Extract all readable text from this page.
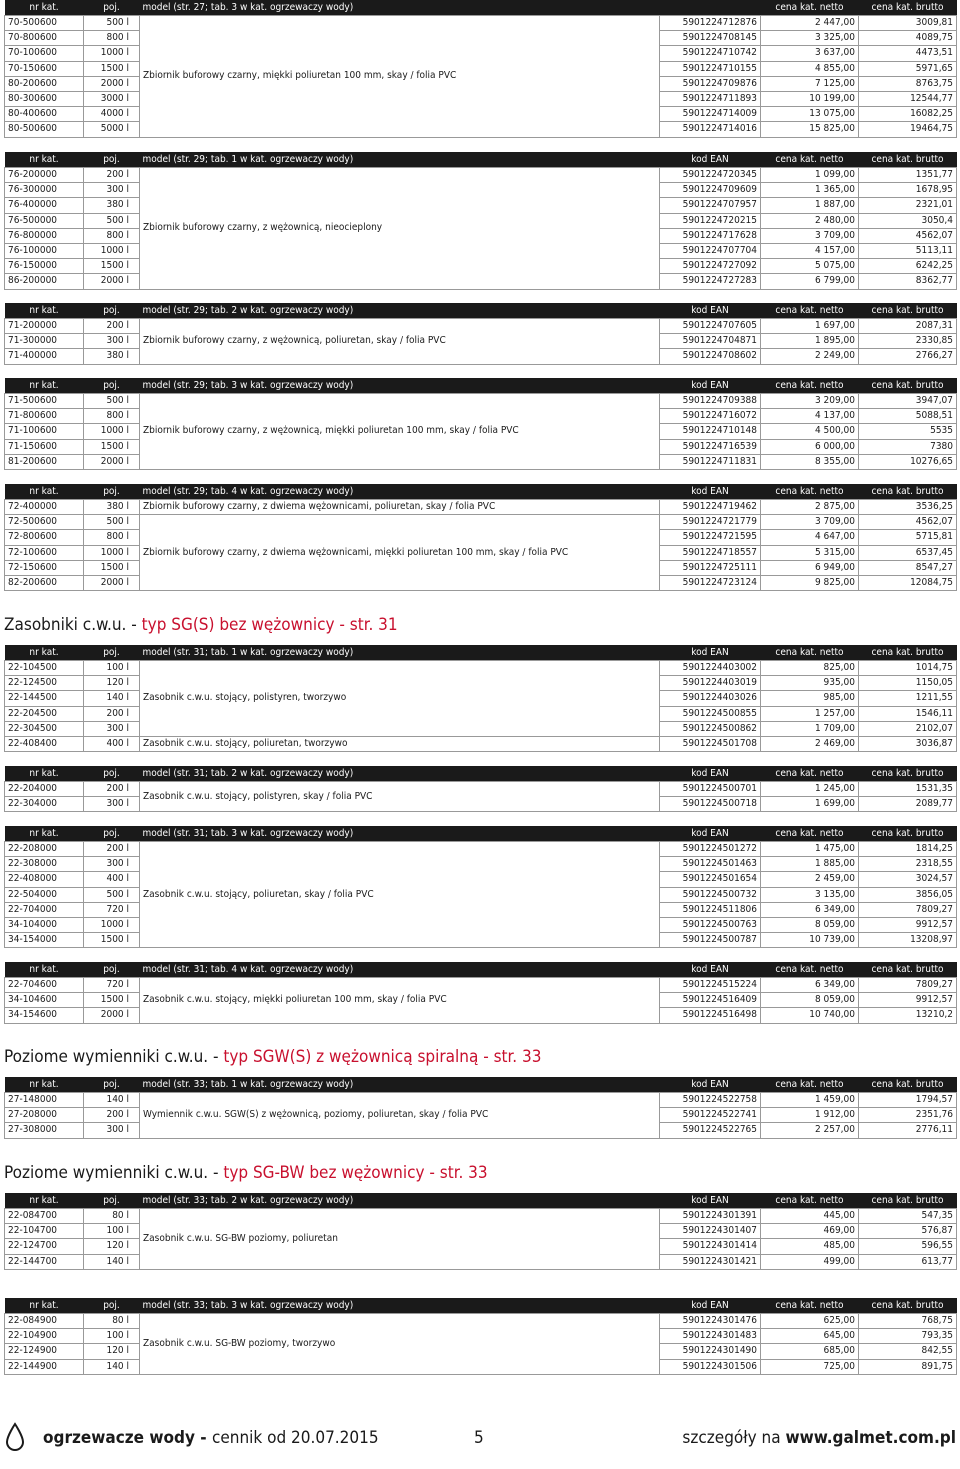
nr kat.	poj.	model (str. 27; tab. 3 w kat. ogrzewaczy wody)		cena kat. netto	cena kat. brutto
70-500600	500 l	Zbiornik buforowy czarny, miękki poliuretan 100 mm, skay / folia PVC	5901224712876	2 447,00	3009,81
70-800600	800 l		5901224708145	3 325,00	4089,75
70-100600	1000 l		5901224710742	3 637,00	4473,51
70-150600	1500 l		5901224710155	4 855,00	5971,65
80-200600	2000 l		5901224709876	7 125,00	8763,75
80-300600	3000 l		5901224711893	10 199,00	12544,77
80-400600	4000 l		5901224714009	13 075,00	16082,25
80-500600	5000 l		5901224714016	15 825,00	19464,75
nr kat.	poj.	model (str. 29; tab. 1 w kat. ogrzewaczy wody)	kod EAN	cena kat. netto	cena kat. brutto
76-200000	200 l	Zbiornik buforowy czarny, z wężownicą, nieocieplony	5901224720345	1 099,00	1351,77
76-300000	300 l		5901224709609	1 365,00	1678,95
76-400000	380 l		5901224707957	1 887,00	2321,01
76-500000	500 l		5901224720215	2 480,00	3050,4
76-800000	800 l		5901224717628	3 709,00	4562,07
76-100000	1000 l		5901224707704	4 157,00	5113,11
76-150000	1500 l		5901224727092	5 075,00	6242,25
86-200000	2000 l		5901224727283	6 799,00	8362,77
nr kat.	poj.	model (str. 29; tab. 2 w kat. ogrzewaczy wody)	kod EAN	cena kat. netto	cena kat. brutto
71-200000	200 l	Zbiornik buforowy czarny, z wężownicą, poliuretan, skay / folia PVC	5901224707605	1 697,00	2087,31
71-300000	300 l		5901224704871	1 895,00	2330,85
71-400000	380 l		5901224708602	2 249,00	2766,27
nr kat.	poj.	model (str. 29; tab. 3 w kat. ogrzewaczy wody)	kod EAN	cena kat. netto	cena kat. brutto
71-500600	500 l	Zbiornik buforowy czarny, z wężownicą, miękki poliuretan 100 mm, skay / folia PVC	5901224709388	3 209,00	3947,07
71-800600	800 l		5901224716072	4 137,00	5088,51
71-100600	1000 l		5901224710148	4 500,00	5535
71-150600	1500 l		5901224716539	6 000,00	7380
81-200600	2000 l		5901224711831	8 355,00	10276,65
nr kat.	poj.	model (str. 29; tab. 4 w kat. ogrzewaczy wody)	kod EAN	cena kat. netto	cena kat. brutto
72-400000	380 l	Zbiornik buforowy czarny, z dwiema wężownicami, poliuretan, skay / folia PVC	5901224719462	2 875,00	3536,25
72-500600	500 l	Zbiornik buforowy czarny, z dwiema wężownicami, miękki poliuretan 100 mm, skay / folia PVC	5901224721779	3 709,00	4562,07
72-800600	800 l		5901224721595	4 647,00	5715,81
72-100600	1000 l		5901224718557	5 315,00	6537,45
72-150600	1500 l		5901224725111	6 949,00	8547,27
82-200600	2000 l		5901224723124	9 825,00	12084,75
nr kat.	poj.	model (str. 31; tab. 1 w kat. ogrzewaczy wody)	kod EAN	cena kat. netto	cena kat. brutto
22-104500	100 l	Zasobnik c.w.u. stojący, polistyren, tworzywo	5901224403002	825,00	1014,75
22-124500	120 l		5901224403019	935,00	1150,05
22-144500	140 l		5901224403026	985,00	1211,55
22-204500	200 l		5901224500855	1 257,00	1546,11
22-304500	300 l		5901224500862	1 709,00	2102,07
22-408400	400 l	Zasobnik c.w.u. stojący, poliuretan, tworzywo	5901224501708	2 469,00	3036,87
nr kat.	poj.	model (str. 31; tab. 2 w kat. ogrzewaczy wody)	kod EAN	cena kat. netto	cena kat. brutto
22-204000	200 l	Zasobnik c.w.u. stojący, polistyren, skay / folia PVC	5901224500701	1 245,00	1531,35
22-304000	300 l		5901224500718	1 699,00	2089,77
nr kat.	poj.	model (str. 31; tab. 3 w kat. ogrzewaczy wody)	kod EAN	cena kat. netto	cena kat. brutto
22-208000	200 l	Zasobnik c.w.u. stojący, poliuretan, skay / folia PVC	5901224501272	1 475,00	1814,25
22-308000	300 l		5901224501463	1 885,00	2318,55
22-408000	400 l		5901224501654	2 459,00	3024,57
22-504000	500 l		5901224500732	3 135,00	3856,05
22-704000	720 l		5901224511806	6 349,00	7809,27
34-104000	1000 l		5901224500763	8 059,00	9912,57
34-154000	1500 l		5901224500787	10 739,00	13208,97
nr kat.	poj.	model (str. 31; tab. 4 w kat. ogrzewaczy wody)	kod EAN	cena kat. netto	cena kat. brutto
22-704600	720 l	Zasobnik c.w.u. stojący, miękki poliuretan 100 mm, skay / folia PVC	5901224515224	6 349,00	7809,27
34-104600	1500 l		5901224516409	8 059,00	9912,57
34-154600	2000 l		5901224516498	10 740,00	13210,2
nr kat.	poj.	model (str. 33; tab. 1 w kat. ogrzewaczy wody)	kod EAN	cena kat. netto	cena kat. brutto
27-148000	140 l	Wymiennik c.w.u. SGW(S) z wężownicą, poziomy, poliuretan, skay / folia PVC	5901224522758	1 459,00	1794,57
27-208000	200 l		5901224522741	1 912,00	2351,76
27-308000	300 l		5901224522765	2 257,00	2776,11
nr kat.	poj.	model (str. 33; tab. 2 w kat. ogrzewaczy wody)	kod EAN	cena kat. netto	cena kat. brutto
22-084700	80 l	Zasobnik c.w.u. SG-BW poziomy, poliuretan	5901224301391	445,00	547,35
22-104700	100 l		5901224301407	469,00	576,87
22-124700	120 l		5901224301414	485,00	596,55
22-144700	140 l		5901224301421	499,00	613,77
nr kat.	poj.	model (str. 33; tab. 3 w kat. ogrzewaczy wody)	kod EAN	cena kat. netto	cena kat. brutto
22-084900	80 l	Zasobnik c.w.u. SG-BW poziomy, tworzywo	5901224301476	625,00	768,75
22-104900	100 l		5901224301483	645,00	793,35
22-124900	120 l		5901224301490	685,00	842,55
22-144900	140 l		5901224301506	725,00	891,75
Zasobniki c.w.u. - typ SG(S) bez wężownicy - str. 31
Poziome wymienniki c.w.u. - typ SGW(S) z wężownicą spiralną - str. 33
Poziome wymienniki c.w.u. - typ SG-BW bez wężownicy - str. 33
ogrzewacze wody - cennik od 20.07.2015	5	szczegóły na www.galmet.com.pl
